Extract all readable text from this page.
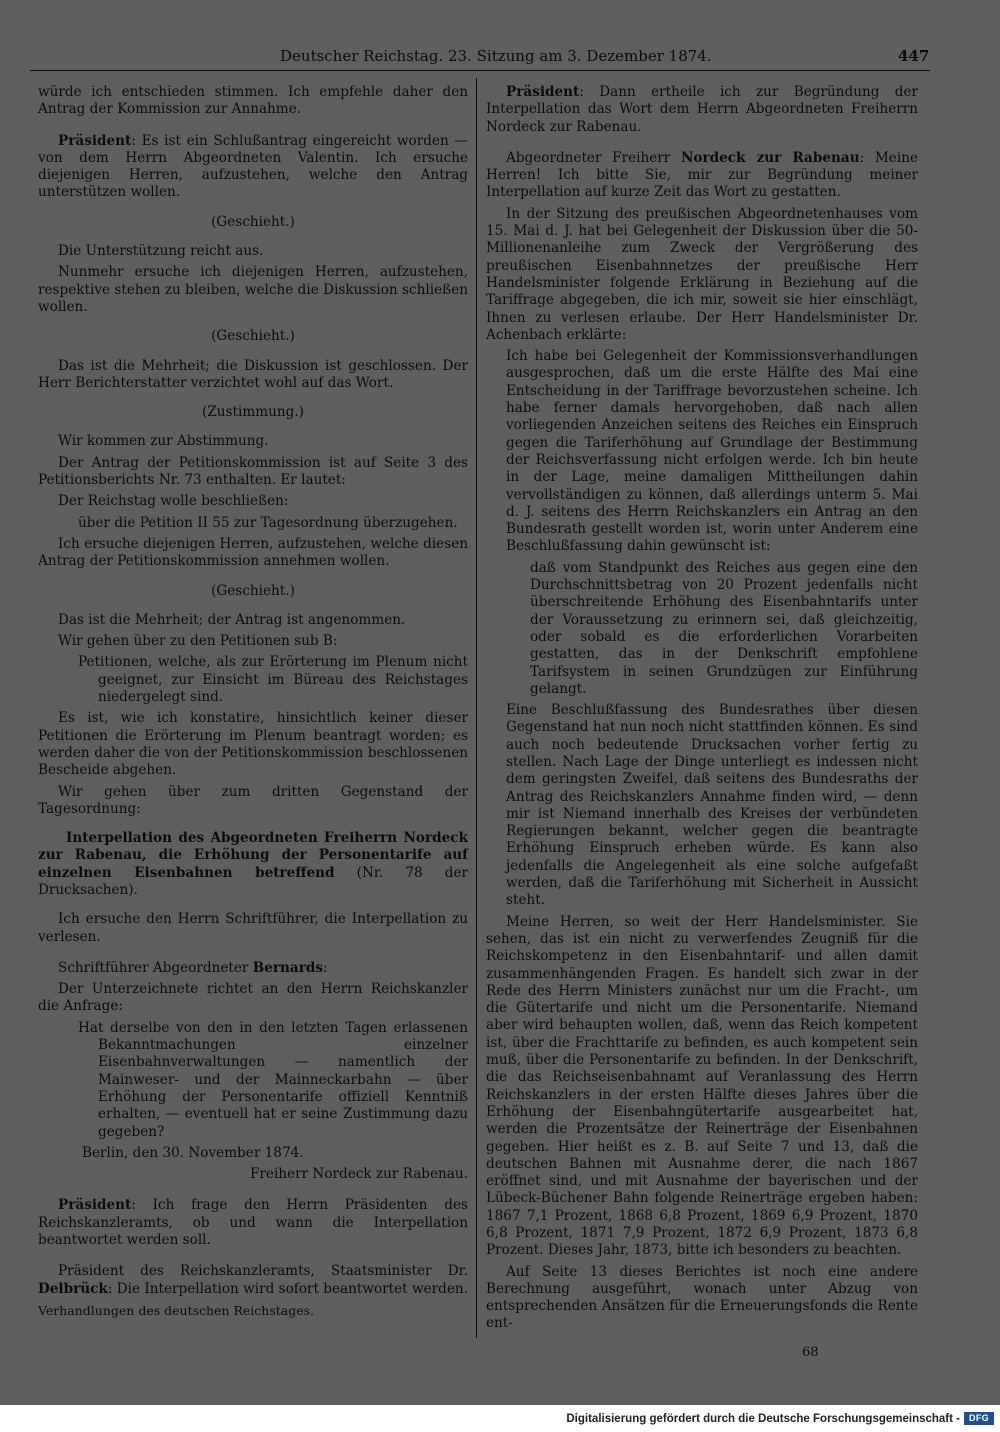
Deutscher Reichstag. 23. Sitzung am 3. Dezember 1874.	447

würde ich entschieden stimmen. Ich empfehle daher den Antrag der Kommission zur Annahme.

Präsident: Es ist ein Schlußantrag eingereicht worden — von dem Herrn Abgeordneten Valentin. Ich ersuche diejenigen Herren, aufzustehen, welche den Antrag unterstützen wollen.

(Geschieht.)

Die Unterstützung reicht aus.

Nunmehr ersuche ich diejenigen Herren, aufzustehen, respektive stehen zu bleiben, welche die Diskussion schließen wollen.

(Geschieht.)

Das ist die Mehrheit; die Diskussion ist geschlossen. Der Herr Berichterstatter verzichtet wohl auf das Wort.

(Zustimmung.)

Wir kommen zur Abstimmung.

Der Antrag der Petitionskommission ist auf Seite 3 des Petitionsberichts Nr. 73 enthalten. Er lautet:

Der Reichstag wolle beschließen:

über die Petition II 55 zur Tagesordnung überzugehen.

Ich ersuche diejenigen Herren, aufzustehen, welche diesen Antrag der Petitionskommission annehmen wollen.

(Geschieht.)

Das ist die Mehrheit; der Antrag ist angenommen.

Wir gehen über zu den Petitionen sub B:

Petitionen, welche, als zur Erörterung im Plenum nicht geeignet, zur Einsicht im Büreau des Reichstages niedergelegt sind.

Es ist, wie ich konstatire, hinsichtlich keiner dieser Petitionen die Erörterung im Plenum beantragt worden; es werden daher die von der Petitionskommission beschlossenen Bescheide abgehen.

Wir gehen über zum dritten Gegenstand der Tagesordnung:

Interpellation des Abgeordneten Freiherrn Nordeck zur Rabenau, die Erhöhung der Personentarife auf einzelnen Eisenbahnen betreffend (Nr. 78 der Drucksachen).

Ich ersuche den Herrn Schriftführer, die Interpellation zu verlesen.

Schriftführer Abgeordneter Bernards:

Der Unterzeichnete richtet an den Herrn Reichskanzler die Anfrage:

Hat derselbe von den in den letzten Tagen erlassenen Bekanntmachungen einzelner Eisenbahnverwaltungen — namentlich der Mainweser- und der Mainneckarbahn — über Erhöhung der Personentarife offiziell Kenntniß erhalten, — eventuell hat er seine Zustimmung dazu gegeben?

Berlin, den 30. November 1874.

Freiherr Nordeck zur Rabenau.

Präsident: Ich frage den Herrn Präsidenten des Reichskanzleramts, ob und wann die Interpellation beantwortet werden soll.

Präsident des Reichskanzleramts, Staatsminister Dr. Delbrück: Die Interpellation wird sofort beantwortet werden.

Verhandlungen des deutschen Reichstages.

Präsident: Dann ertheile ich zur Begründung der Interpellation das Wort dem Herrn Abgeordneten Freiherrn Nordeck zur Rabenau.

Abgeordneter Freiherr Nordeck zur Rabenau: Meine Herren! Ich bitte Sie, mir zur Begründung meiner Interpellation auf kurze Zeit das Wort zu gestatten.

In der Sitzung des preußischen Abgeordnetenhauses vom 15. Mai d. J. hat bei Gelegenheit der Diskussion über die 50-Millionenanleihe zum Zweck der Vergrößerung des preußischen Eisenbahnnetzes der preußische Herr Handelsminister folgende Erklärung in Beziehung auf die Tariffrage abgegeben, die ich mir, soweit sie hier einschlägt, Ihnen zu verlesen erlaube. Der Herr Handelsminister Dr. Achenbach erklärte:

Ich habe bei Gelegenheit der Kommissionsverhandlungen ausgesprochen, daß um die erste Hälfte des Mai eine Entscheidung in der Tariffrage bevorzustehen scheine. Ich habe ferner damals hervorgehoben, daß nach allen vorliegenden Anzeichen seitens des Reiches ein Einspruch gegen die Tariferhöhung auf Grundlage der Bestimmung der Reichsverfassung nicht erfolgen werde. Ich bin heute in der Lage, meine damaligen Mittheilungen dahin vervollständigen zu können, daß allerdings unterm 5. Mai d. J. seitens des Herrn Reichskanzlers ein Antrag an den Bundesrath gestellt worden ist, worin unter Anderem eine Beschlußfassung dahin gewünscht ist:

daß vom Standpunkt des Reiches aus gegen eine den Durchschnittsbetrag von 20 Prozent jedenfalls nicht überschreitende Erhöhung des Eisenbahntarifs unter der Voraussetzung zu erinnern sei, daß gleichzeitig, oder sobald es die erforderlichen Vorarbeiten gestatten, das in der Denkschrift empfohlene Tarifsystem in seinen Grundzügen zur Einführung gelangt.

Eine Beschlußfassung des Bundesrathes über diesen Gegenstand hat nun noch nicht stattfinden können. Es sind auch noch bedeutende Drucksachen vorher fertig zu stellen. Nach Lage der Dinge unterliegt es indessen nicht dem geringsten Zweifel, daß seitens des Bundesraths der Antrag des Reichskanzlers Annahme finden wird, — denn mir ist Niemand innerhalb des Kreises der verbündeten Regierungen bekannt, welcher gegen die beantragte Erhöhung Einspruch erheben würde. Es kann also jedenfalls die Angelegenheit als eine solche aufgefaßt werden, daß die Tariferhöhung mit Sicherheit in Aussicht steht.

Meine Herren, so weit der Herr Handelsminister. Sie sehen, das ist ein nicht zu verwerfendes Zeugniß für die Reichskompetenz in den Eisenbahntarif- und allen damit zusammenhängenden Fragen. Es handelt sich zwar in der Rede des Herrn Ministers zunächst nur um die Fracht-, um die Gütertarife und nicht um die Personentarife. Niemand aber wird behaupten wollen, daß, wenn das Reich kompetent ist, über die Frachttarife zu befinden, es auch kompetent sein muß, über die Personentarife zu befinden. In der Denkschrift, die das Reichseisenbahnamt auf Veranlassung des Herrn Reichskanzlers in der ersten Hälfte dieses Jahres über die Erhöhung der Eisenbahngütertarife ausgearbeitet hat, werden die Prozentsätze der Reinerträge der Eisenbahnen gegeben. Hier heißt es z. B. auf Seite 7 und 13, daß die deutschen Bahnen mit Ausnahme derer, die nach 1867 eröffnet sind, und mit Ausnahme der bayerischen und der Lübeck-Büchener Bahn folgende Reinerträge ergeben haben: 1867 7,1 Prozent, 1868 6,8 Prozent, 1869 6,9 Prozent, 1870 6,8 Prozent, 1871 7,9 Prozent, 1872 6,9 Prozent, 1873 6,8 Prozent. Dieses Jahr, 1873, bitte ich besonders zu beachten.

Auf Seite 13 dieses Berichtes ist noch eine andere Berechnung ausgeführt, wonach unter Abzug von entsprechenden Ansätzen für die Erneuerungsfonds die Rente ent-

68
Digitalisierung gefördert durch die Deutsche Forschungsgemeinschaft -	DFG
